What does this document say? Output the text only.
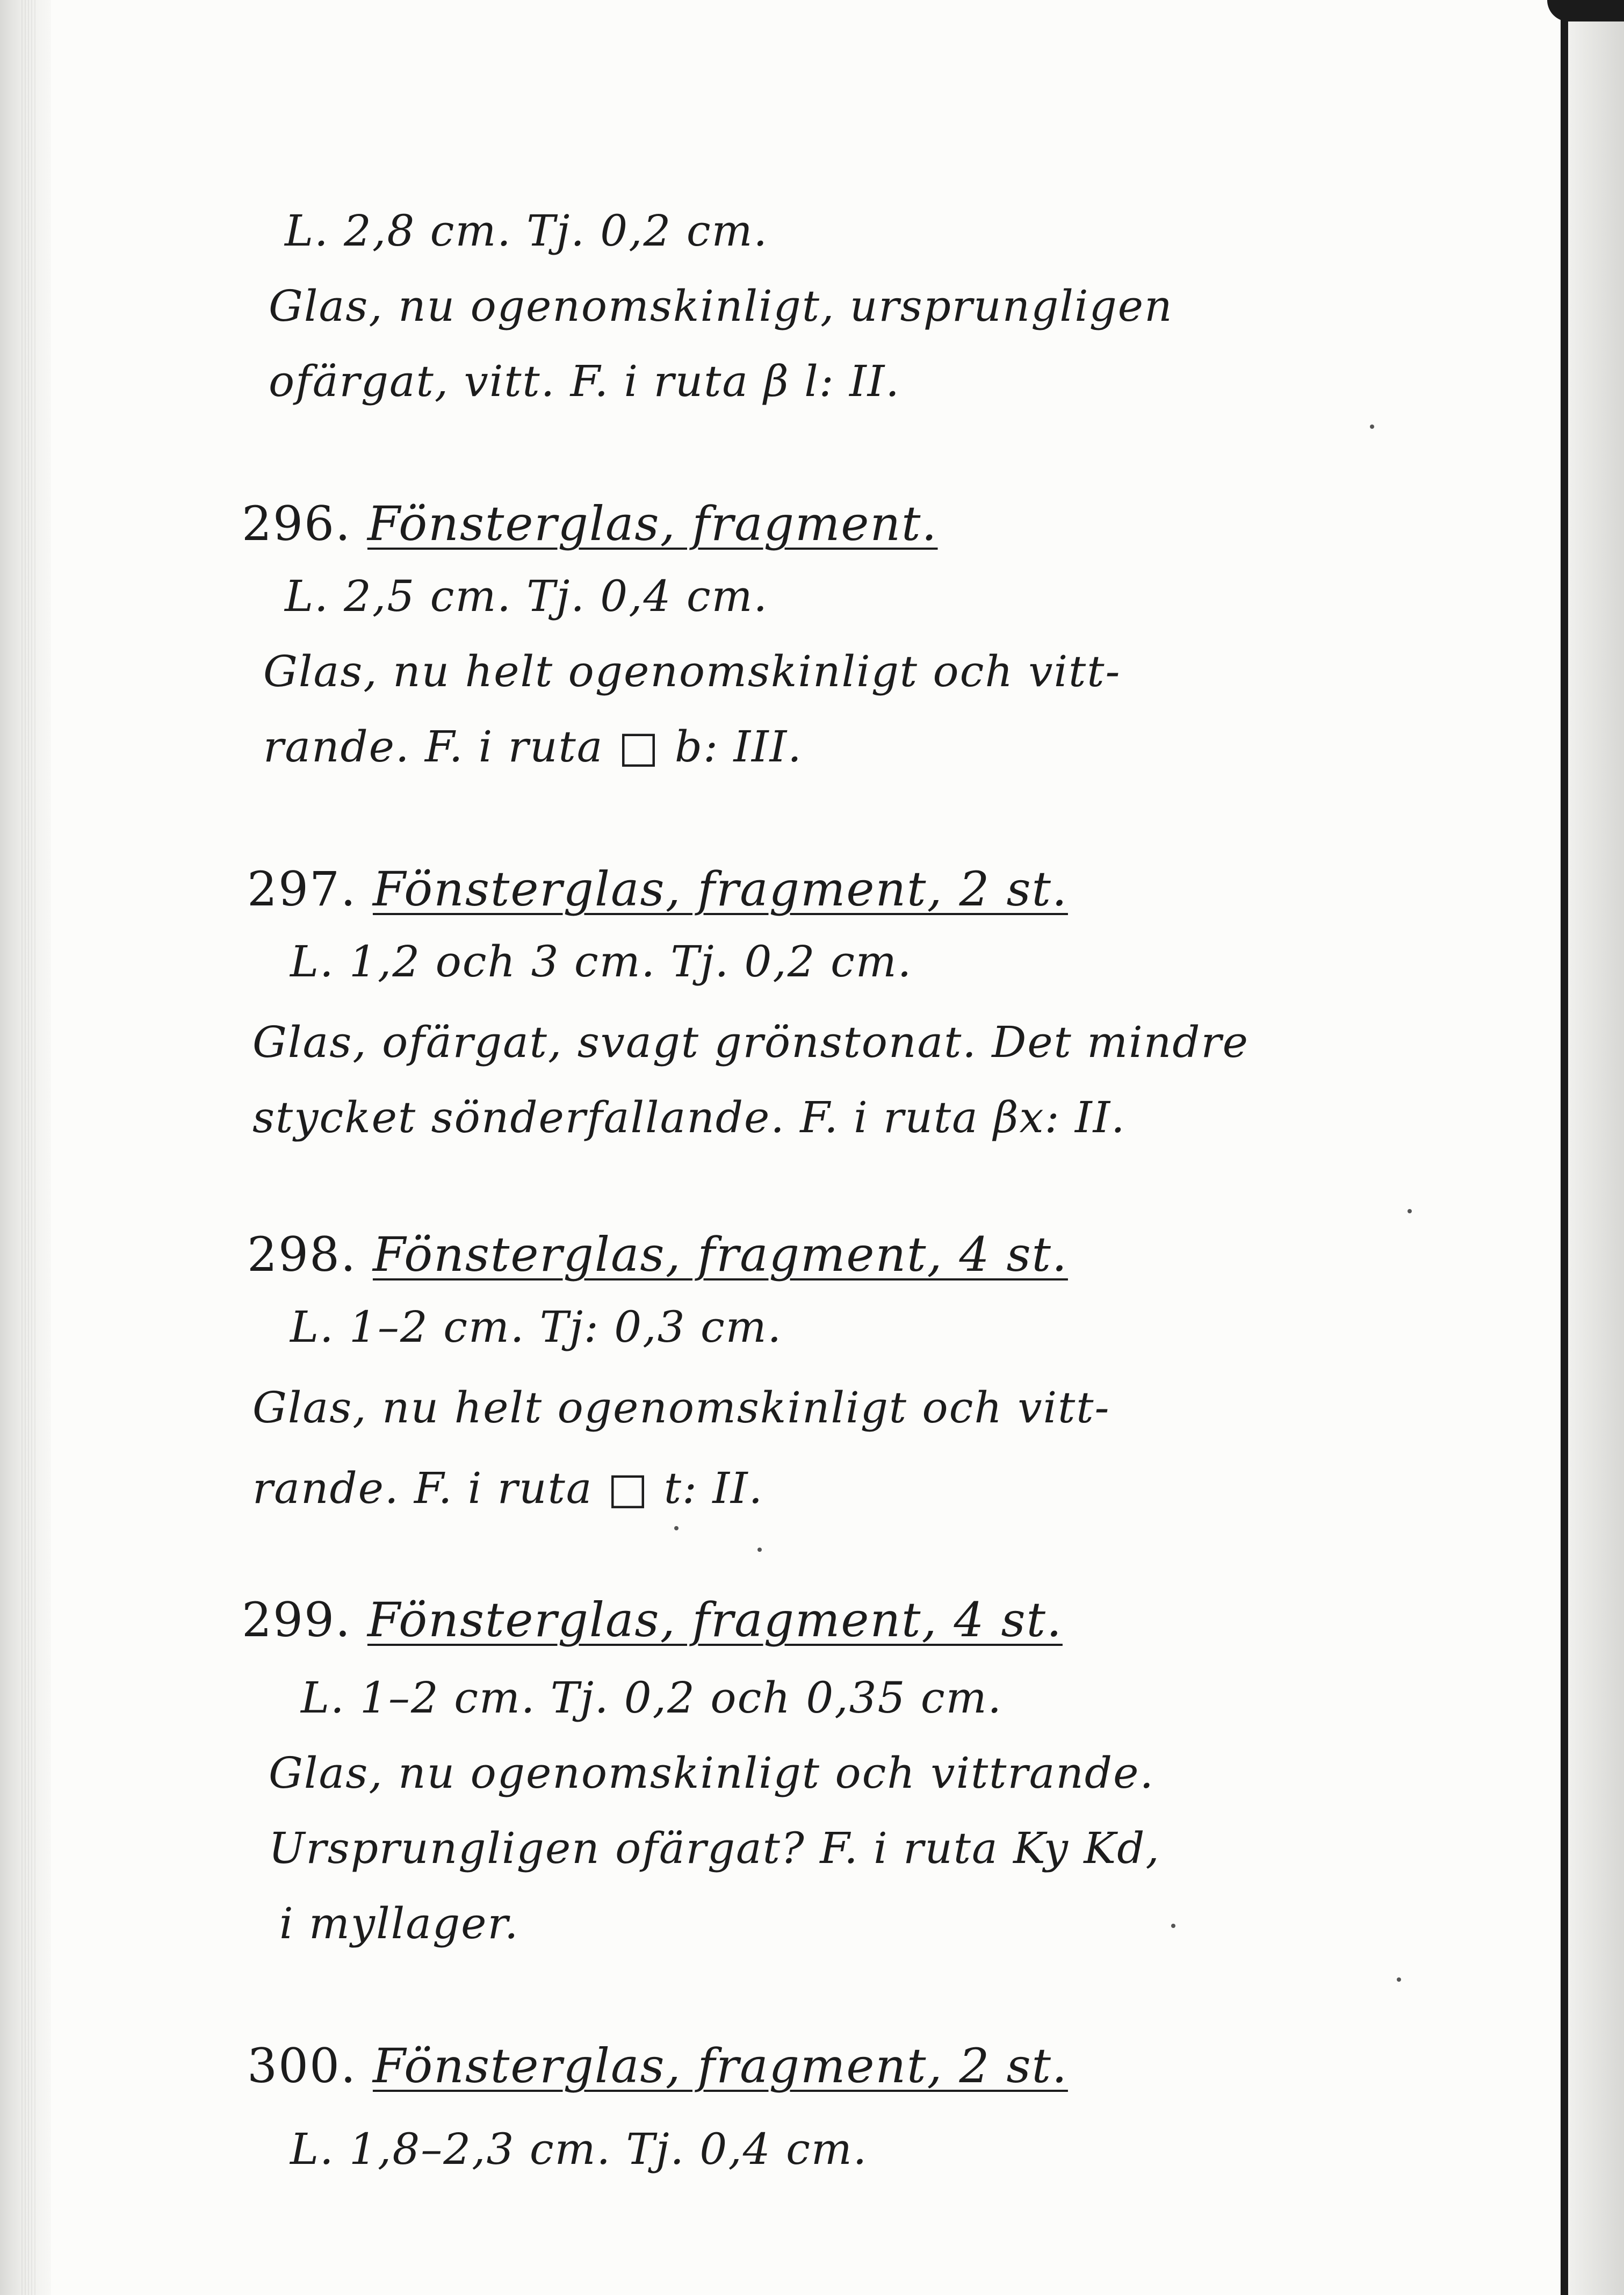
L. 2,8 cm. Tj. 0,2 cm.
Glas, nu ogenomskinligt, ursprungligen
ofärgat, vitt. F. i ruta β l: II.
296. Fönsterglas, fragment.
L. 2,5 cm. Tj. 0,4 cm.
Glas, nu helt ogenomskinligt och vitt-
rande. F. i ruta □ b: III.
297. Fönsterglas, fragment, 2 st.
L. 1,2 och 3 cm. Tj. 0,2 cm.
Glas, ofärgat, svagt grönstonat. Det mindre
stycket sönderfallande. F. i ruta βx: II.
298. Fönsterglas, fragment, 4 st.
L. 1–2 cm. Tj: 0,3 cm.
Glas, nu helt ogenomskinligt och vitt-
rande. F. i ruta □ t: II.
299. Fönsterglas, fragment, 4 st.
L. 1–2 cm. Tj. 0,2 och 0,35 cm.
Glas, nu ogenomskinligt och vittrande.
Ursprungligen ofärgat? F. i ruta Ky Kd,
i myllager.
300. Fönsterglas, fragment, 2 st.
L. 1,8–2,3 cm. Tj. 0,4 cm.
